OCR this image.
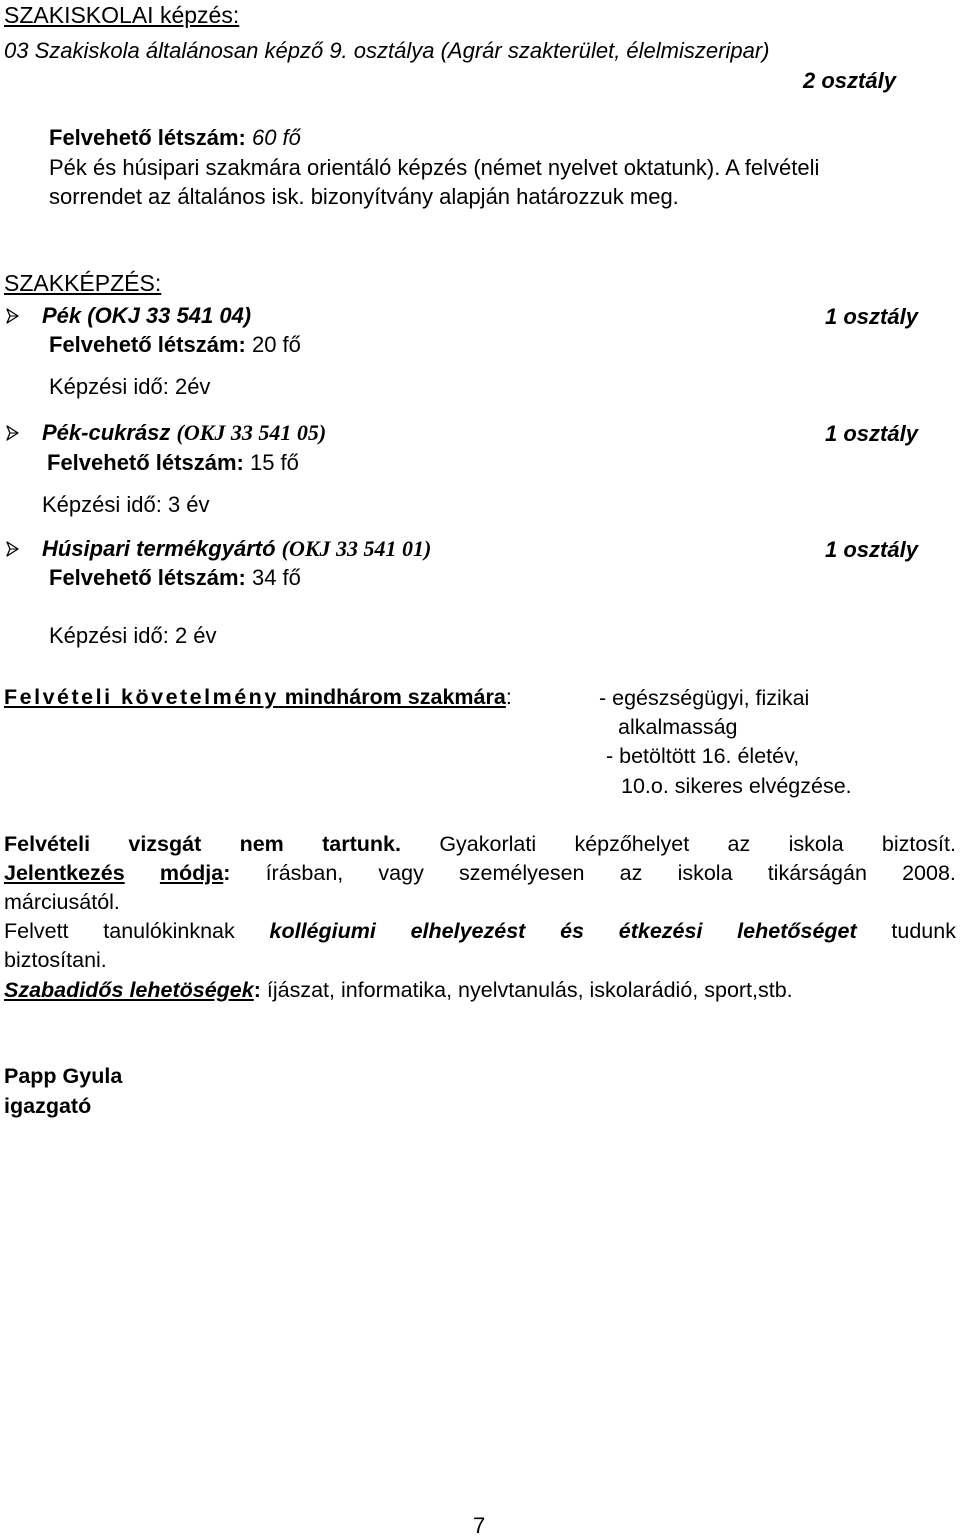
SZAKISKOLAI képzés:
03 Szakiskola általánosan képző 9. osztálya (Agrár szakterület, élelmiszeripar)
2 osztály
Felvehető létszám: 60 fő
Pék és húsipari szakmára orientáló képzés (német nyelvet oktatunk). A felvételi
sorrendet az általános isk. bizonyítvány alapján határozzuk meg.
SZAKKÉPZÉS:
Pék (OKJ 33 541 04)	1 osztály
Felvehető létszám: 20 fő
Képzési idő: 2év
Pék-cukrász (OKJ 33 541 05)	1 osztály
Felvehető létszám: 15 fő
Képzési idő: 3 év
Húsipari termékgyártó (OKJ 33 541 01)	1 osztály
Felvehető létszám: 34 fő
Képzési idő: 2 év
Felvételi követelmény mindhárom szakmára:	- egészségügyi, fizikai
alkalmasság
- betöltött 16. életév,
10.o. sikeres elvégzése.
Felvételi vizsgát nem tartunk. Gyakorlati képzőhelyet az iskola biztosít.
Jelentkezés módja: írásban, vagy személyesen az iskola tikárságán 2008.
márciusától.
Felvett tanulókinknak kollégiumi elhelyezést és étkezési lehetőséget tudunk
biztosítani.
Szabadidős lehetöségek: íjászat, informatika, nyelvtanulás, iskolarádió, sport,stb.
Papp Gyula
igazgató
7
